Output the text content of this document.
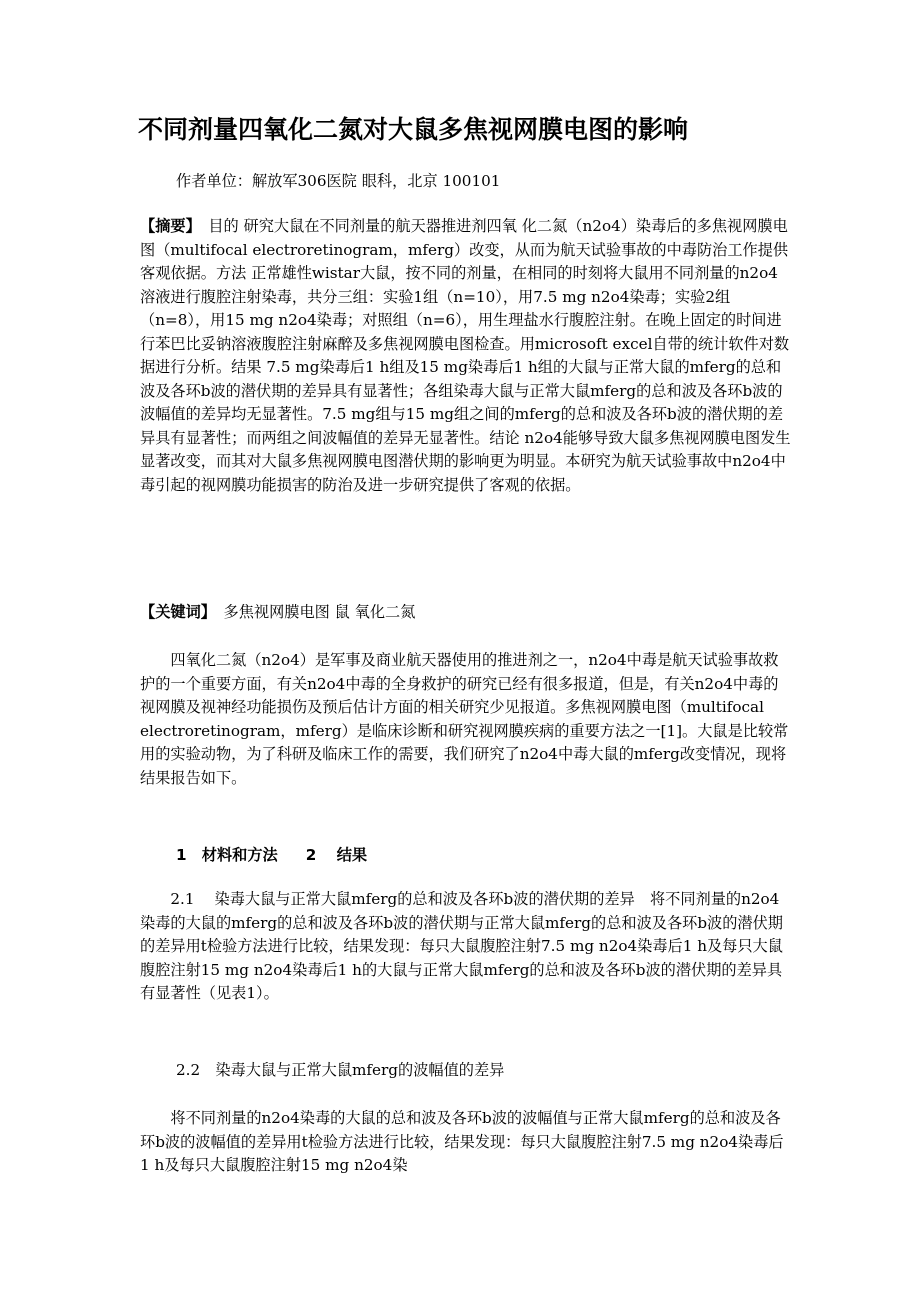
不同剂量四氧化二氮对大鼠多焦视网膜电图的影响

作者单位：解放军306医院 眼科，北京 100101

【摘要】　目的 研究大鼠在不同剂量的航天器推进剂四氧 化二氮（n2o4）染毒后的多焦视网膜电图（multifocal electroretinogram，mferg）改变，从而为航天试验事故的中毒防治工作提供客观依据。方法 正常雄性wistar大鼠，按不同的剂量，在相同的时刻将大鼠用不同剂量的n2o4溶液进行腹腔注射染毒，共分三组：实验1组（n=10），用7.5 mg n2o4染毒；实验2组（n=8），用15 mg n2o4染毒；对照组（n=6），用生理盐水行腹腔注射。在晚上固定的时间进行苯巴比妥钠溶液腹腔注射麻醉及多焦视网膜电图检查。用microsoft excel自带的统计软件对数据进行分析。结果 7.5 mg染毒后1 h组及15 mg染毒后1 h组的大鼠与正常大鼠的mferg的总和波及各环b波的潜伏期的差异具有显著性；各组染毒大鼠与正常大鼠mferg的总和波及各环b波的波幅值的差异均无显著性。7.5 mg组与15 mg组之间的mferg的总和波及各环b波的潜伏期的差异具有显著性；而两组之间波幅值的差异无显著性。结论 n2o4能够导致大鼠多焦视网膜电图发生显著改变，而其对大鼠多焦视网膜电图潜伏期的影响更为明显。本研究为航天试验事故中n2o4中毒引起的视网膜功能损害的防治及进一步研究提供了客观的依据。

【关键词】　多焦视网膜电图 鼠 氧化二氮

四氧化二氮（n2o4）是军事及商业航天器使用的推进剂之一，n2o4中毒是航天试验事故救护的一个重要方面，有关n2o4中毒的全身救护的研究已经有很多报道，但是，有关n2o4中毒的视网膜及视神经功能损伤及预后估计方面的相关研究少见报道。多焦视网膜电图（multifocal electroretinogram，mferg）是临床诊断和研究视网膜疾病的重要方法之一[1]。大鼠是比较常用的实验动物，为了科研及临床工作的需要，我们研究了n2o4中毒大鼠的mferg改变情况，现将结果报告如下。

1　材料和方法 2　 结果

2.1　 染毒大鼠与正常大鼠mferg的总和波及各环b波的潜伏期的差异　将不同剂量的n2o4染毒的大鼠的mferg的总和波及各环b波的潜伏期与正常大鼠mferg的总和波及各环b波的潜伏期的差异用t检验方法进行比较，结果发现：每只大鼠腹腔注射7.5 mg n2o4染毒后1 h及每只大鼠腹腔注射15 mg n2o4染毒后1 h的大鼠与正常大鼠mferg的总和波及各环b波的潜伏期的差异具有显著性（见表1）。

2.2　染毒大鼠与正常大鼠mferg的波幅值的差异

将不同剂量的n2o4染毒的大鼠的总和波及各环b波的波幅值与正常大鼠mferg的总和波及各环b波的波幅值的差异用t检验方法进行比较，结果发现：每只大鼠腹腔注射7.5 mg n2o4染毒后1 h及每只大鼠腹腔注射15 mg n2o4染
